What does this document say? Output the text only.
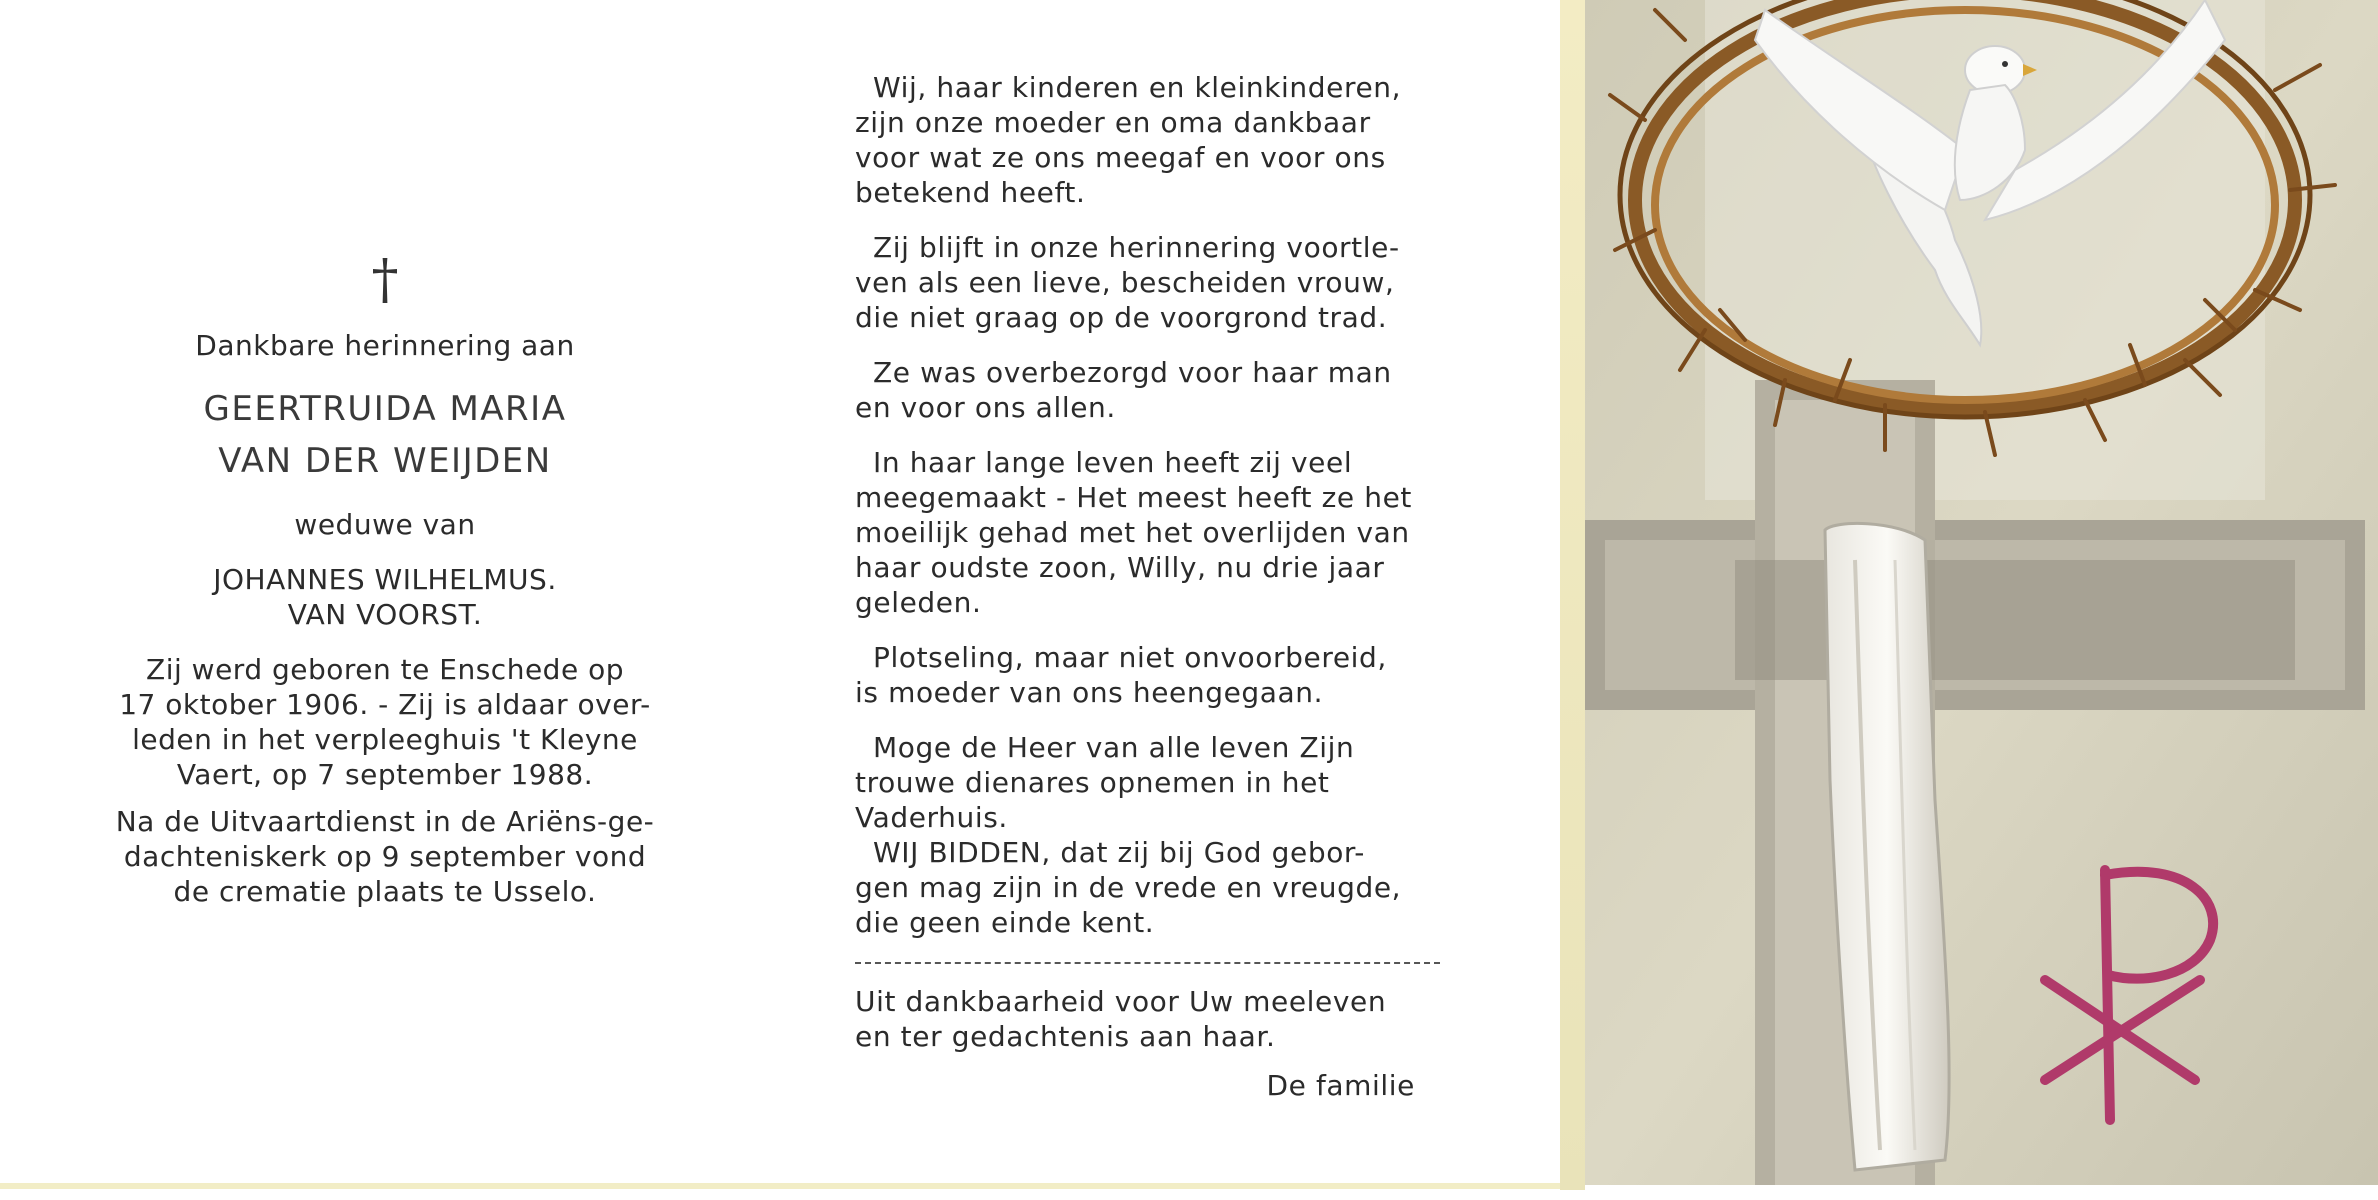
†
Dankbare herinnering aan
GEERTRUIDA MARIA
VAN DER WEIJDEN
weduwe van
JOHANNES WILHELMUS.
VAN VOORST.
Zij werd geboren te Enschede op
17 oktober 1906. - Zij is aldaar over-
leden in het verpleeghuis 't Kleyne
Vaert, op 7 september 1988.
Na de Uitvaartdienst in de Ariëns-ge-
dachteniskerk op 9 september vond
de crematie plaats te Usselo.
Wij, haar kinderen en kleinkinderen,
zijn onze moeder en oma dankbaar
voor wat ze ons meegaf en voor ons
betekend heeft.
Zij blijft in onze herinnering voortle-
ven als een lieve, bescheiden vrouw,
die niet graag op de voorgrond trad.
Ze was overbezorgd voor haar man
en voor ons allen.
In haar lange leven heeft zij veel
meegemaakt - Het meest heeft ze het
moeilijk gehad met het overlijden van
haar oudste zoon, Willy, nu drie jaar
geleden.
Plotseling, maar niet onvoorbereid,
is moeder van ons heengegaan.
Moge de Heer van alle leven Zijn
trouwe dienares opnemen in het
Vaderhuis.
WIJ BIDDEN, dat zij bij God gebor-
gen mag zijn in de vrede en vreugde,
die geen einde kent.
Uit dankbaarheid voor Uw meeleven
en ter gedachtenis aan haar.
De familie
